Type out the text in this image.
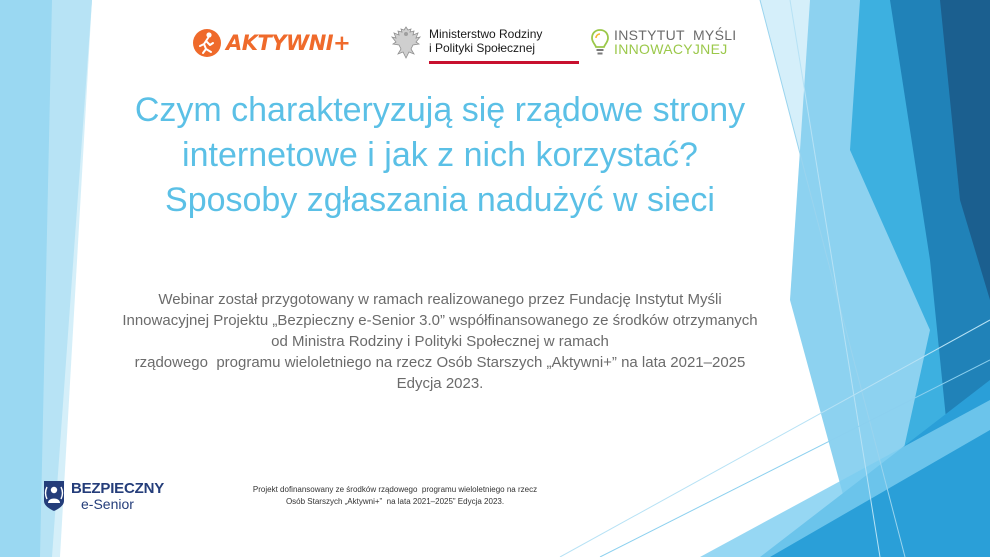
AKTYWNI+	Ministerstwo Rodziny
i Polityki Społecznej
INSTYTUT  MYŚLI
INNOWACYJNEJ
Czym charakteryzują się rządowe strony
internetowe i jak z nich korzystać?
Sposoby zgłaszania nadużyć w sieci
Webinar został przygotowany w ramach realizowanego przez Fundację Instytut Myśli
Innowacyjnej Projektu „Bezpieczny e-Senior 3.0” współfinansowanego ze środków otrzymanych
od Ministra Rodziny i Polityki Społecznej w ramach
rządowego  programu wieloletniego na rzecz Osób Starszych „Aktywni+” na lata 2021–2025
Edycja 2023.
BEZPIECZNY
e-Senior
Projekt dofinansowany ze środków rządowego  programu wieloletniego na rzecz
Osób Starszych „Aktywni+”  na lata 2021–2025” Edycja 2023.
